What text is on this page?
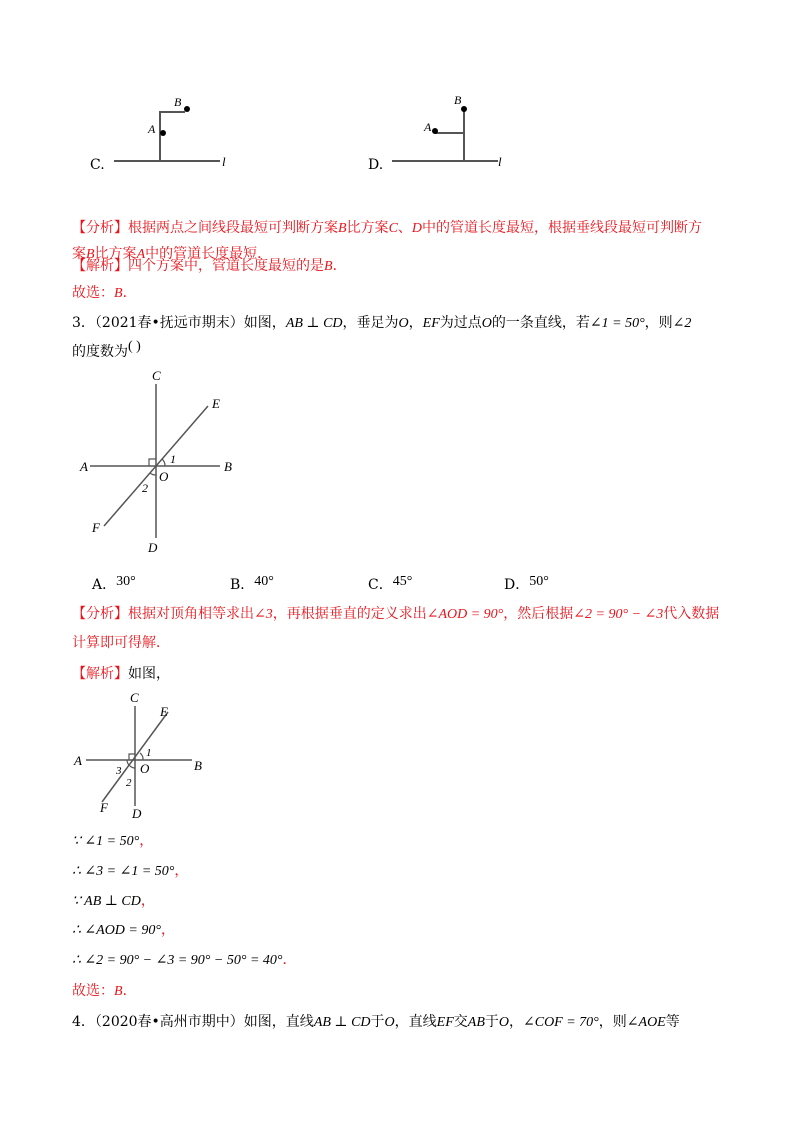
C.
B
A
l	D.
B
A
l
【分析】根据两点之间线段最短可判断方案B比方案C、D中的管道长度最短，根据垂线段最短可判断方
案B比方案A中的管道长度最短．
【解析】四个方案中，管道长度最短的是B．
故选：B．
3．（2021春•抚远市期末）如图，AB ⊥ CD，垂足为O，EF为过点O的一条直线，若∠1 = 50°，则∠2
的度数为( )
C
E
A	B
1
O
2
F
D
A．30°	B．40°	C．45°	D．50°
【分析】根据对顶角相等求出∠3，再根据垂直的定义求出∠AOD = 90°，然后根据∠2 = 90° − ∠3代入数据
计算即可得解．
【解析】如图，
C
E
A	B
1
O
3
2
F D
∵ ∠1 = 50°，
∴ ∠3 = ∠1 = 50°，
∵ AB ⊥ CD，
∴ ∠AOD = 90°，
∴ ∠2 = 90° − ∠3 = 90° − 50° = 40°．
故选：B．
4．（2020春•高州市期中）如图，直线AB ⊥ CD于O，直线EF交AB于O，∠COF = 70°，则∠AOE等
